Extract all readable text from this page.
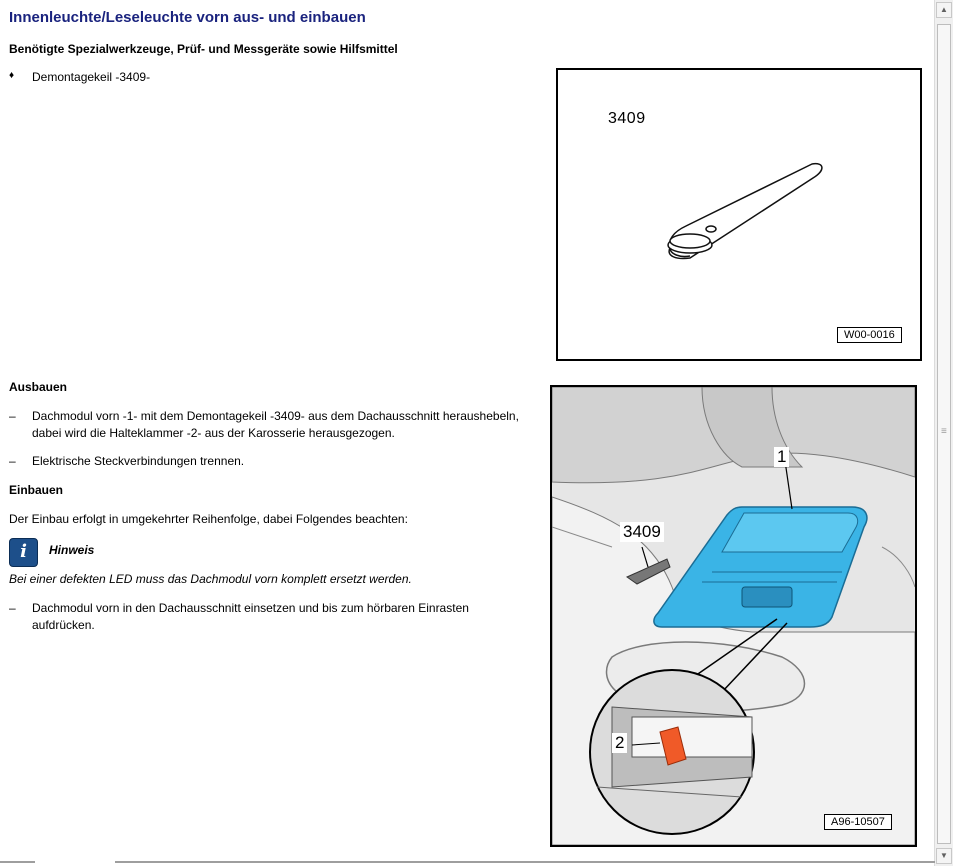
Innenleuchte/Leseleuchte vorn aus- und einbauen
Benötigte Spezialwerkzeuge, Prüf- und Messgeräte sowie Hilfsmittel
♦ Demontagekeil -3409-
Ausbauen
– Dachmodul vorn -1- mit dem Demontagekeil -3409- aus dem Dachausschnitt heraushebeln, dabei wird die Halteklammer -2- aus der Karosserie herausgezogen.
– Elektrische Steckverbindungen trennen.
Einbauen
Der Einbau erfolgt in umgekehrter Reihenfolge, dabei Folgendes beachten:
i	Hinweis
Bei einer defekten LED muss das Dachmodul vorn komplett ersetzt werden.
– Dachmodul vorn in den Dachausschnitt einsetzen und bis zum hörbaren Einrasten aufdrücken.
3409
W00-0016
1
3409
2
A96-10507
▲
≡
▼
